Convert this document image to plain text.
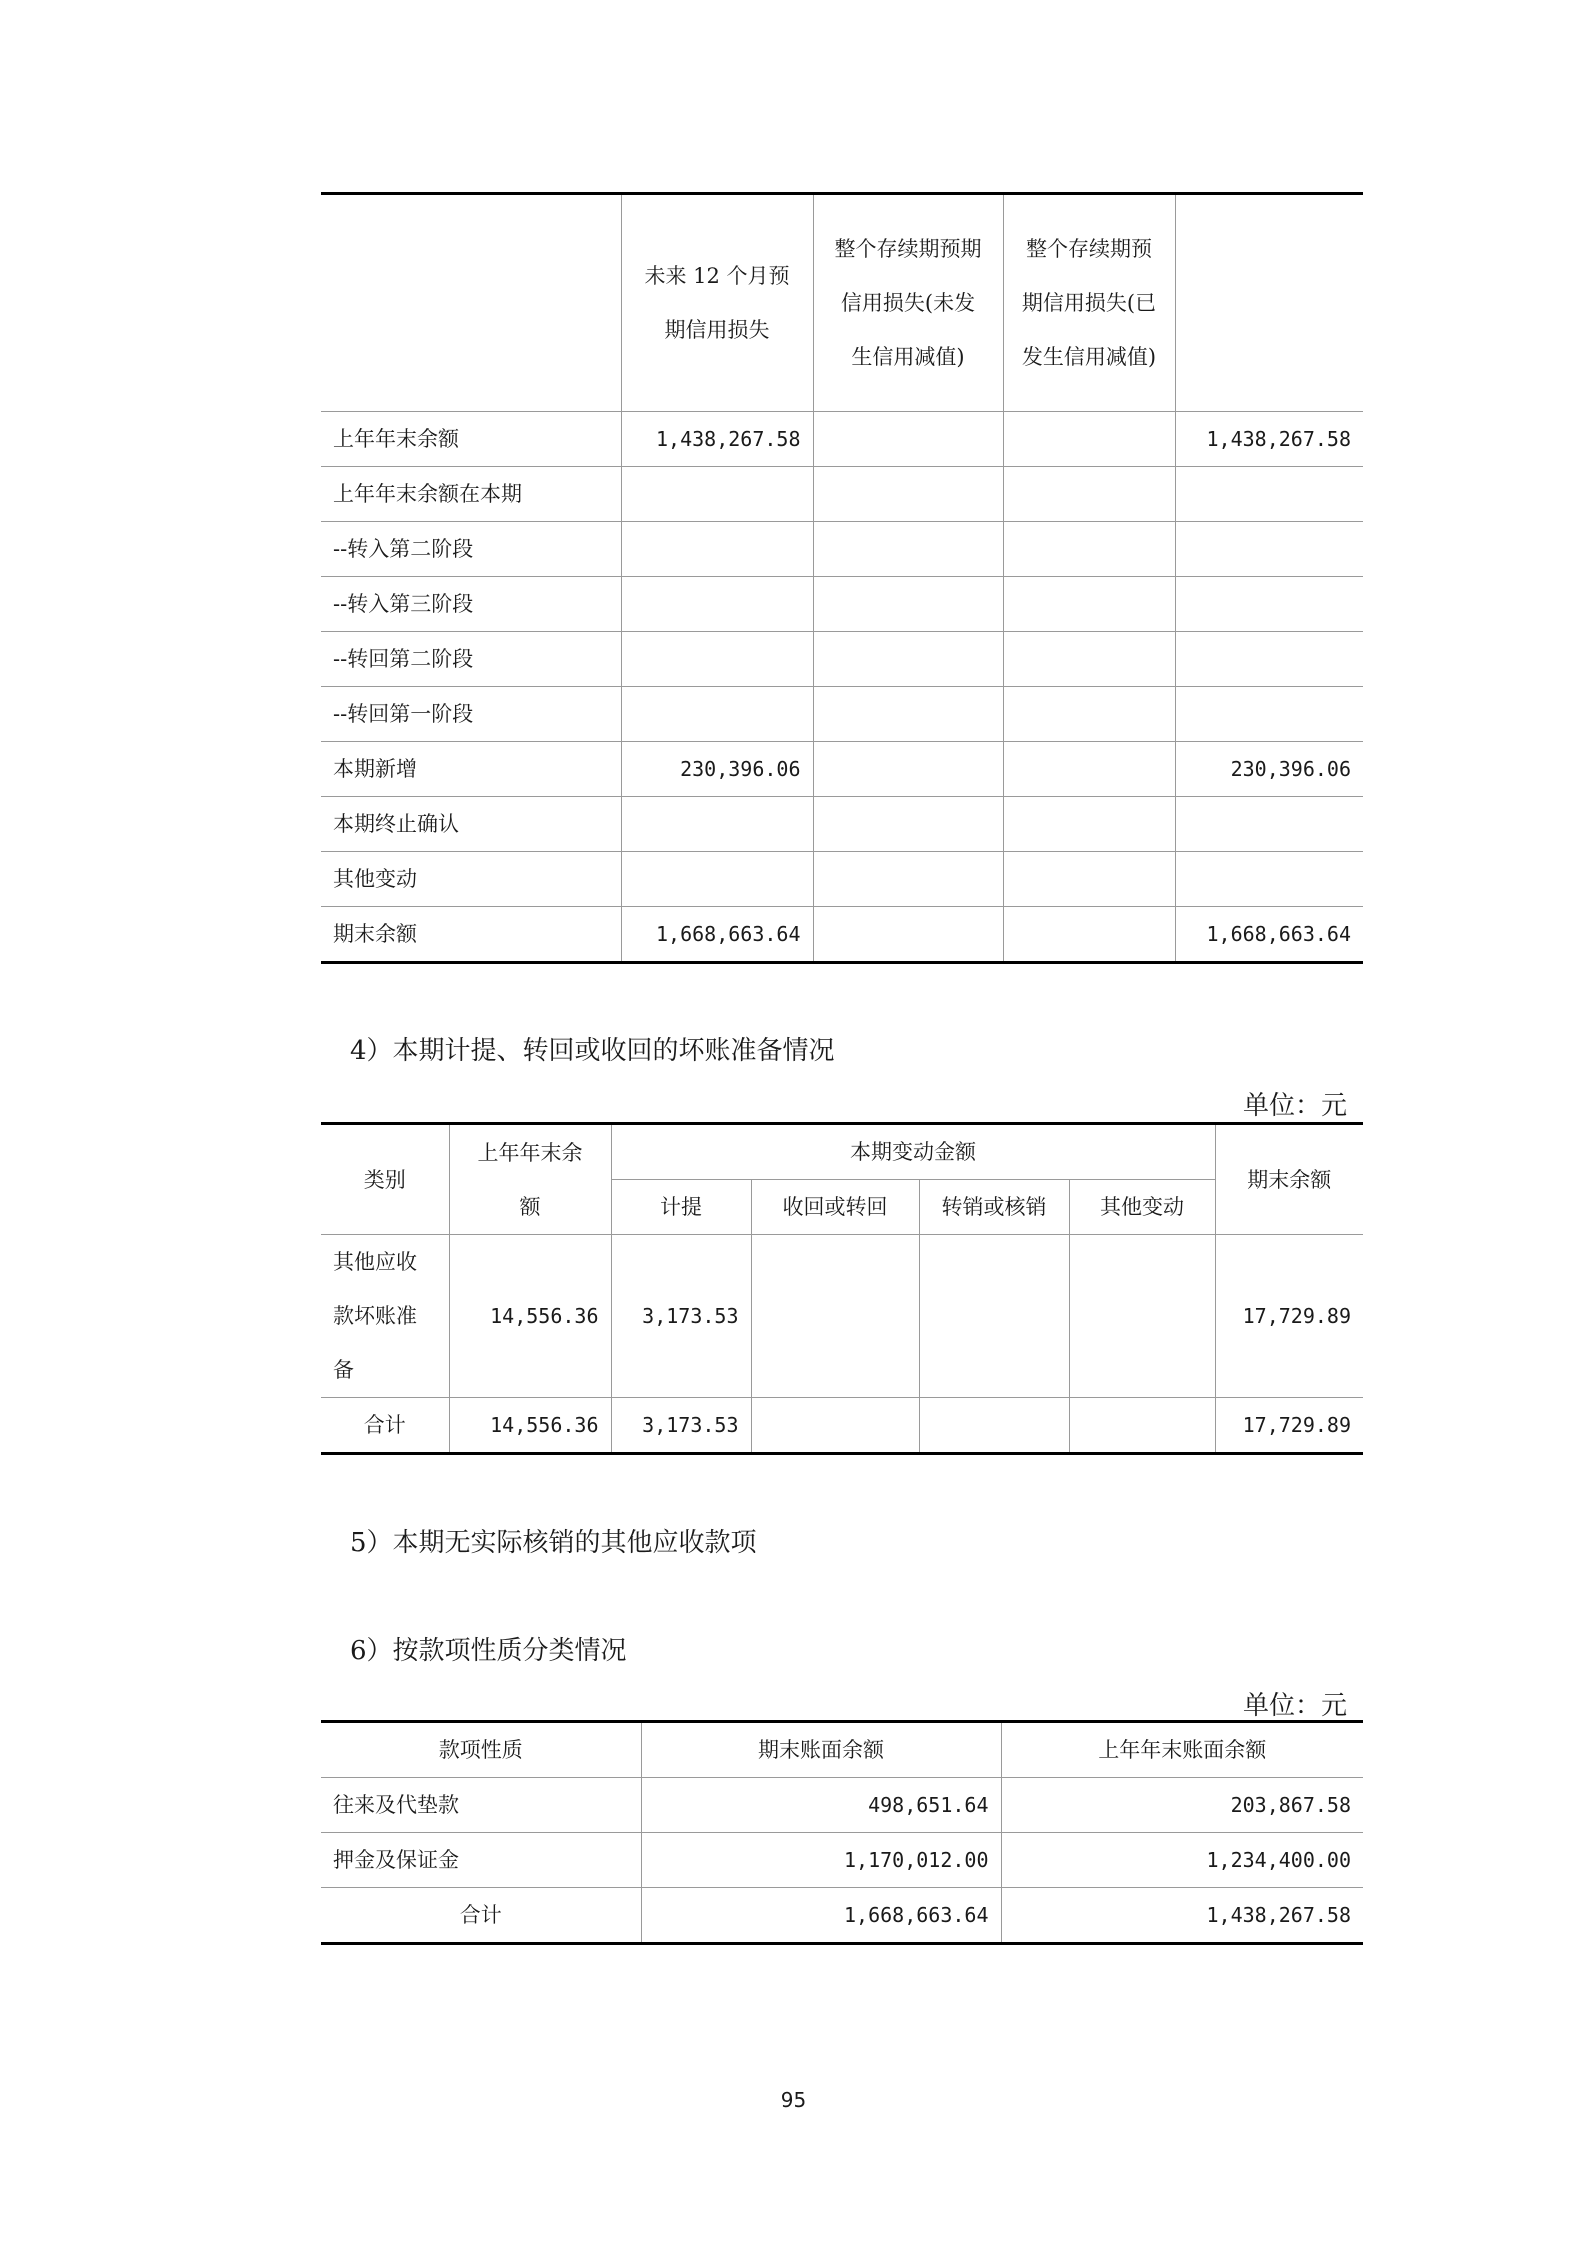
	未来 12 个月预期信用损失	整个存续期预期信用损失(未发生信用减值)	整个存续期预期信用损失(已发生信用减值)	
上年年末余额	1,438,267.58			1,438,267.58
上年年末余额在本期				
--转入第二阶段				
--转入第三阶段				
--转回第二阶段				
--转回第一阶段				
本期新增	230,396.06			230,396.06
本期终止确认				
其他变动				
期末余额	1,668,663.64			1,668,663.64
4）本期计提、转回或收回的坏账准备情况
单位：元
类别	上年年末余额	本期变动金额				期末余额
		计提	收回或转回	转销或核销	其他变动	
其他应收款坏账准备	14,556.36	3,173.53				17,729.89
合计	14,556.36	3,173.53				17,729.89
5）本期无实际核销的其他应收款项
6）按款项性质分类情况
单位：元
款项性质	期末账面余额	上年年末账面余额
往来及代垫款	498,651.64	203,867.58
押金及保证金	1,170,012.00	1,234,400.00
合计	1,668,663.64	1,438,267.58
95
